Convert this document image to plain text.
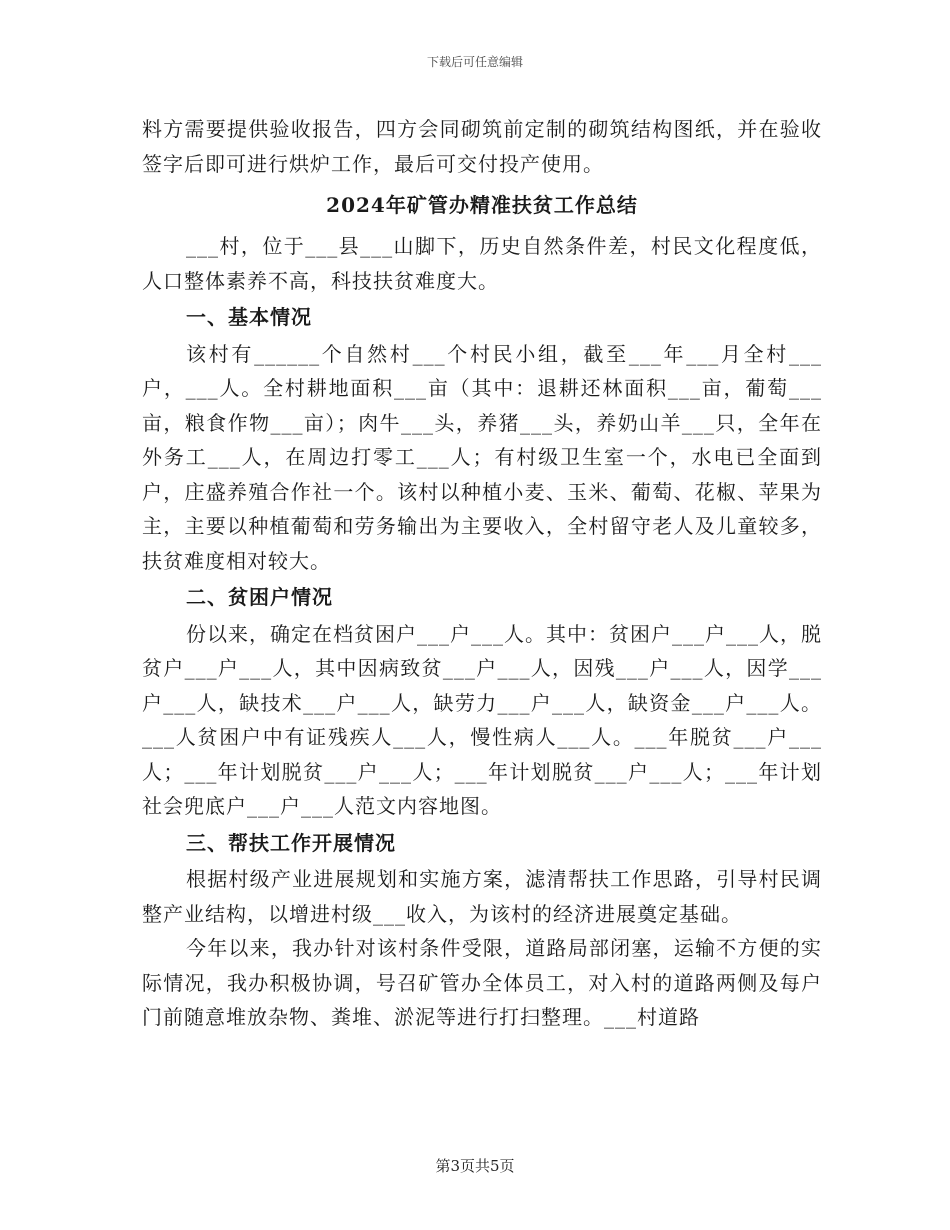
下载后可任意编辑

料方需要提供验收报告，四方会同砌筑前定制的砌筑结构图纸，并在验收签字后即可进行烘炉工作，最后可交付投产使用。

2024年矿管办精准扶贫工作总结

___村，位于___县___山脚下，历史自然条件差，村民文化程度低，人口整体素养不高，科技扶贫难度大。

一、基本情况

该村有______个自然村___个村民小组，截至___年___月全村___户，___人。全村耕地面积___亩（其中：退耕还林面积___亩，葡萄___亩，粮食作物___亩）；肉牛___头，养猪___头，养奶山羊___只，全年在外务工___人，在周边打零工___人；有村级卫生室一个，水电已全面到户，庄盛养殖合作社一个。该村以种植小麦、玉米、葡萄、花椒、苹果为主，主要以种植葡萄和劳务输出为主要收入，全村留守老人及儿童较多，扶贫难度相对较大。

二、贫困户情况

份以来，确定在档贫困户___户___人。其中：贫困户___户___人，脱贫户___户___人，其中因病致贫___户___人，因残___户___人，因学___户___人，缺技术___户___人，缺劳力___户___人，缺资金___户___人。___人贫困户中有证残疾人___人，慢性病人___人。___年脱贫___户___人；___年计划脱贫___户___人；___年计划脱贫___户___人；___年计划社会兜底户___户___人范文内容地图。

三、帮扶工作开展情况

根据村级产业进展规划和实施方案，滤清帮扶工作思路，引导村民调整产业结构，以增进村级___收入，为该村的经济进展奠定基础。

今年以来，我办针对该村条件受限，道路局部闭塞，运输不方便的实际情况，我办积极协调，号召矿管办全体员工，对入村的道路两侧及每户门前随意堆放杂物、粪堆、淤泥等进行打扫整理。___村道路

第3页共5页
